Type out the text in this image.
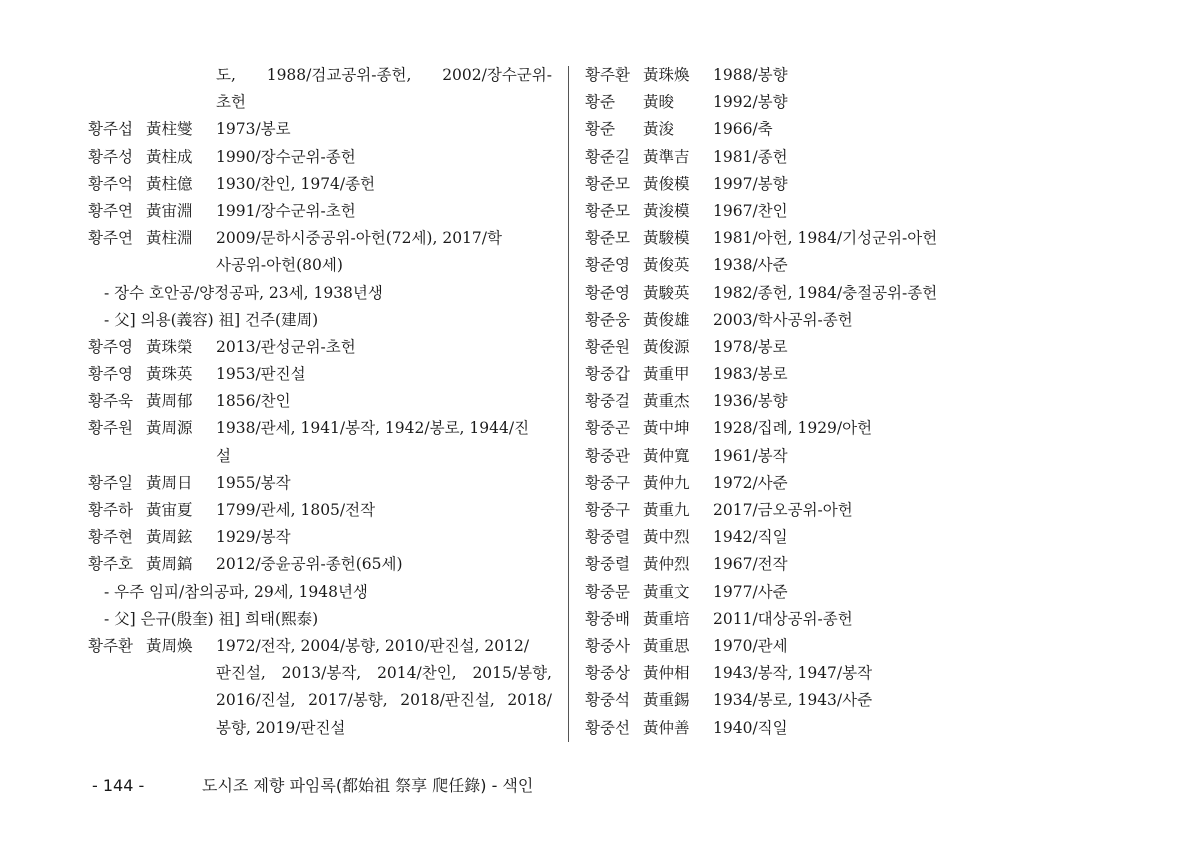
도, 1988/검교공위-종헌, 2002/장수군위-
초헌
황주섭 黃柱燮	1973/봉로
황주성 黃柱成	1990/장수군위-종헌
황주억 黃柱億	1930/찬인, 1974/종헌
황주연 黃宙淵	1991/장수군위-초헌
황주연 黃柱淵	2009/문하시중공위-아헌(72세), 2017/학
사공위-아헌(80세)
- 장수 호안공/양정공파, 23세, 1938년생
- 父] 의용(義容) 祖] 건주(建周)
황주영 黃珠榮	2013/관성군위-초헌
황주영 黃珠英	1953/판진설
황주욱 黃周郁	1856/찬인
황주원 黃周源	1938/관세, 1941/봉작, 1942/봉로, 1944/진
설
황주일 黃周日	1955/봉작
황주하 黃宙夏	1799/관세, 1805/전작
황주현 黃周鉉	1929/봉작
황주호 黃周鎬	2012/중윤공위-종헌(65세)
- 우주 임피/참의공파, 29세, 1948년생
- 父] 은규(殷奎) 祖] 희태(熙泰)
황주환 黃周煥	1972/전작, 2004/봉향, 2010/판진설, 2012/
판진설, 2013/봉작, 2014/찬인, 2015/봉향,
2016/진설, 2017/봉향, 2018/판진설, 2018/
봉향, 2019/판진설
황주환 黃珠煥	1988/봉향
황준	黃晙	1992/봉향
황준	黃浚	1966/축
황준길 黃準吉	1981/종헌
황준모 黃俊模	1997/봉향
황준모 黃浚模	1967/찬인
황준모 黃駿模	1981/아헌, 1984/기성군위-아헌
황준영 黃俊英	1938/사준
황준영 黃駿英	1982/종헌, 1984/충절공위-종헌
황준웅 黃俊雄	2003/학사공위-종헌
황준원 黃俊源	1978/봉로
황중갑 黃重甲	1983/봉로
황중걸 黃重杰	1936/봉향
황중곤 黃中坤	1928/집례, 1929/아헌
황중관 黃仲寬	1961/봉작
황중구 黃仲九	1972/사준
황중구 黃重九	2017/금오공위-아헌
황중렬 黃中烈	1942/직일
황중렬 黃仲烈	1967/전작
황중문 黃重文	1977/사준
황중배 黃重培	2011/대상공위-종헌
황중사 黃重思	1970/관세
황중상 黃仲相	1943/봉작, 1947/봉작
황중석 黃重錫	1934/봉로, 1943/사준
황중선 黃仲善	1940/직일
- 144 -	도시조 제향 파임록(都始祖 祭享 爬任錄) - 색인
